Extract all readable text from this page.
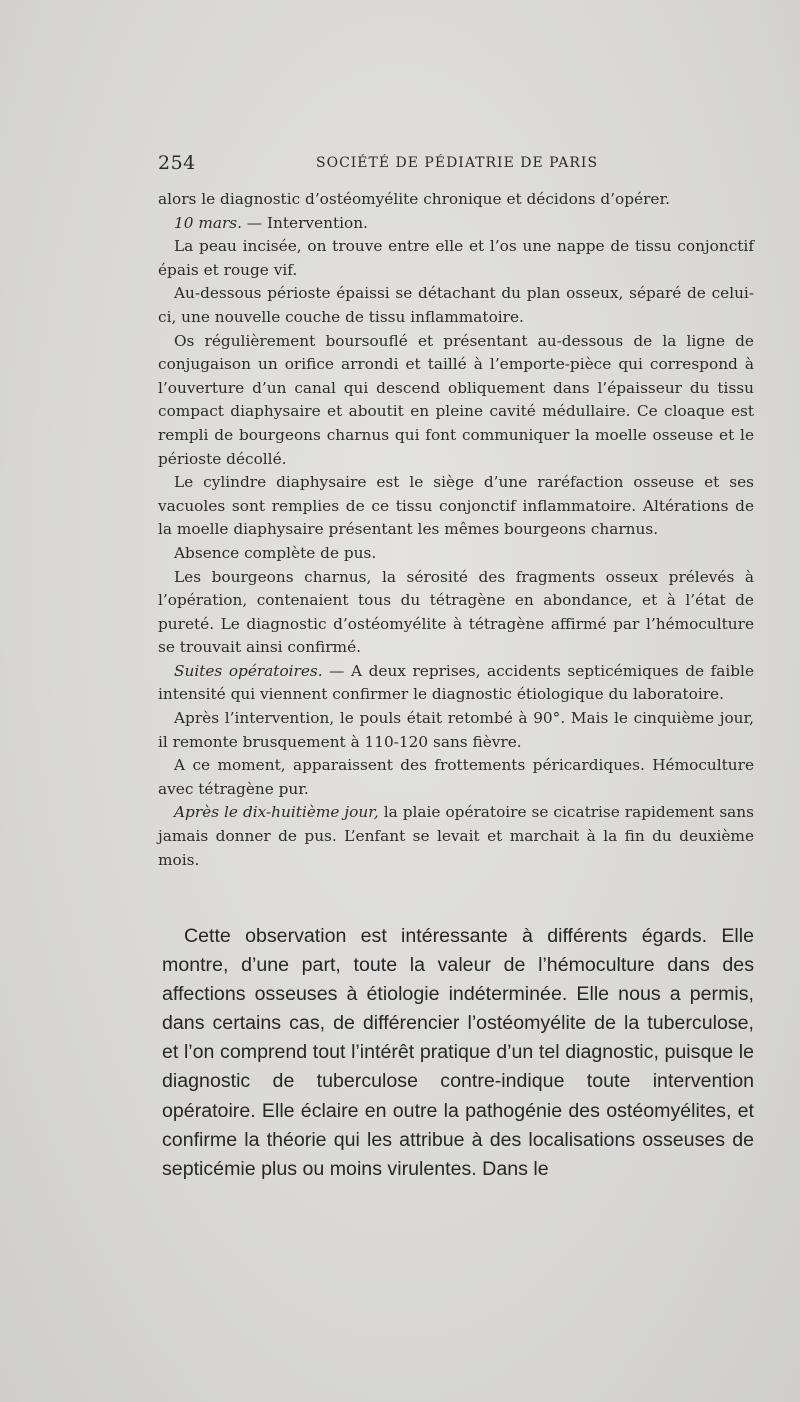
254	SOCIÉTÉ DE PÉDIATRIE DE PARIS

alors le diagnostic d’ostéomyélite chronique et décidons d’opérer.

10 mars. — Intervention.

La peau incisée, on trouve entre elle et l’os une nappe de tissu conjonctif épais et rouge vif.

Au-dessous périoste épaissi se détachant du plan osseux, séparé de celui-ci, une nouvelle couche de tissu inflammatoire.

Os régulièrement boursouflé et présentant au-dessous de la ligne de conjugaison un orifice arrondi et taillé à l’emporte-pièce qui correspond à l’ouverture d’un canal qui descend obliquement dans l’épaisseur du tissu compact diaphysaire et aboutit en pleine cavité médullaire. Ce cloaque est rempli de bourgeons charnus qui font communiquer la moelle osseuse et le périoste décollé.

Le cylindre diaphysaire est le siège d’une raréfaction osseuse et ses vacuoles sont remplies de ce tissu conjonctif inflammatoire. Altérations de la moelle diaphysaire présentant les mêmes bourgeons charnus.

Absence complète de pus.

Les bourgeons charnus, la sérosité des fragments osseux prélevés à l’opération, contenaient tous du tétragène en abondance, et à l’état de pureté. Le diagnostic d’ostéomyélite à tétragène affirmé par l’hémoculture se trouvait ainsi confirmé.

Suites opératoires. — A deux reprises, accidents septicémiques de faible intensité qui viennent confirmer le diagnostic étiologique du laboratoire.

Après l’intervention, le pouls était retombé à 90°. Mais le cinquième jour, il remonte brusquement à 110-120 sans fièvre.

A ce moment, apparaissent des frottements péricardiques. Hémoculture avec tétragène pur.

Après le dix-huitième jour, la plaie opératoire se cicatrise rapidement sans jamais donner de pus. L’enfant se levait et marchait à la fin du deuxième mois.

Cette observation est intéressante à différents égards. Elle montre, d’une part, toute la valeur de l’hémoculture dans des affections osseuses à étiologie indéterminée. Elle nous a permis, dans certains cas, de différencier l’ostéomyélite de la tuberculose, et l’on comprend tout l’intérêt pratique d’un tel diagnostic, puisque le diagnostic de tuberculose contre-indique toute intervention opératoire. Elle éclaire en outre la pathogénie des ostéomyélites, et confirme la théorie qui les attribue à des localisations osseuses de septicémie plus ou moins virulentes. Dans le
